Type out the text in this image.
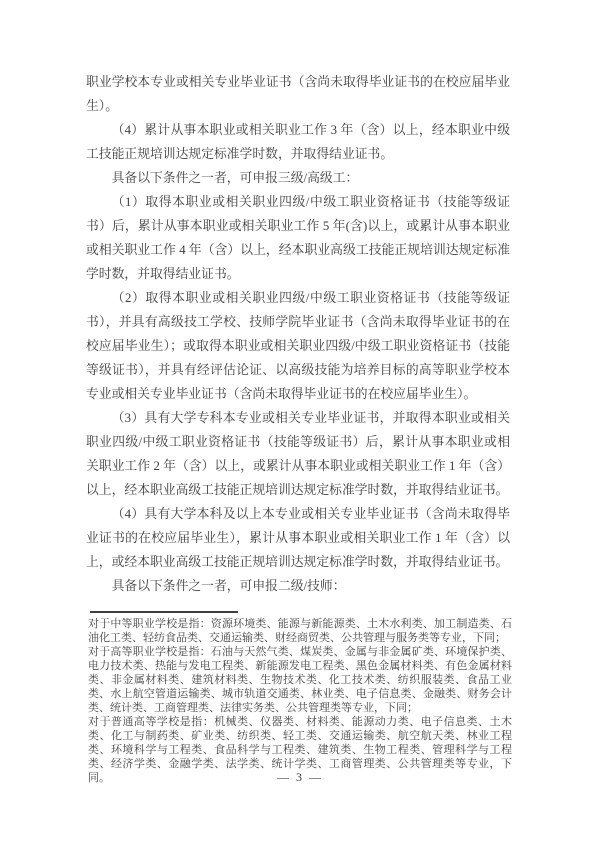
职业学校本专业或相关专业毕业证书（含尚未取得毕业证书的在校应届毕业生）。

（4）累计从事本职业或相关职业工作 3 年（含）以上，经本职业中级工技能正规培训达规定标准学时数，并取得结业证书。

具备以下条件之一者，可申报三级/高级工：

（1）取得本职业或相关职业四级/中级工职业资格证书（技能等级证书）后，累计从事本职业或相关职业工作 5 年(含)以上，或累计从事本职业或相关职业工作 4 年（含）以上，经本职业高级工技能正规培训达规定标准学时数，并取得结业证书。

（2）取得本职业或相关职业四级/中级工职业资格证书（技能等级证书），并具有高级技工学校、技师学院毕业证书（含尚未取得毕业证书的在校应届毕业生）；或取得本职业或相关职业四级/中级工职业资格证书（技能等级证书），并具有经评估论证、以高级技能为培养目标的高等职业学校本专业或相关专业毕业证书（含尚未取得毕业证书的在校应届毕业生）。

（3）具有大学专科本专业或相关专业毕业证书，并取得本职业或相关职业四级/中级工职业资格证书（技能等级证书）后，累计从事本职业或相关职业工作 2 年（含）以上，或累计从事本职业或相关职业工作 1 年（含）以上，经本职业高级工技能正规培训达规定标准学时数，并取得结业证书。

（4）具有大学本科及以上本专业或相关专业毕业证书（含尚未取得毕业证书的在校应届毕业生），累计从事本职业或相关职业工作 1 年（含）以上，或经本职业高级工技能正规培训达规定标准学时数，并取得结业证书。

具备以下条件之一者，可申报二级/技师：

对于中等职业学校是指：资源环境类、能源与新能源类、土木水利类、加工制造类、石油化工类、轻纺食品类、交通运输类、财经商贸类、公共管理与服务类等专业，下同；

对于高等职业学校是指：石油与天然气类、煤炭类、金属与非金属矿类、环境保护类、电力技术类、热能与发电工程类、新能源发电工程类、黑色金属材料类、有色金属材料类、非金属材料类、建筑材料类、生物技术类、化工技术类、纺织服装类、食品工业类、水上航空管道运输类、城市轨道交通类、林业类、电子信息类、金融类、财务会计类、统计类、工商管理类、法律实务类、公共管理类等专业，下同；

对于普通高等学校是指：机械类、仪器类、材料类、能源动力类、电子信息类、土木类、化工与制药类、矿业类、纺织类、轻工类、交通运输类、航空航天类、林业工程类、环境科学与工程类、食品科学与工程类、建筑类、生物工程类、管理科学与工程类、经济学类、金融学类、法学类、统计学类、工商管理类、公共管理类等专业，下同。	— 3 —
